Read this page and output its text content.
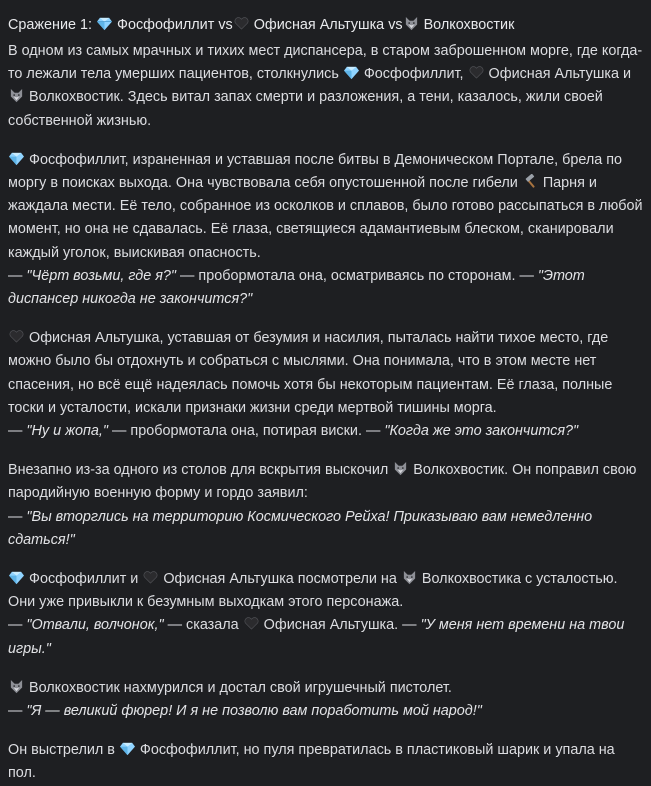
Сражение 1:
Фосфофиллит vs
Офисная Альтушка vs
Волкохвостик
В одном из самых мрачных и тихих мест диспансера, в старом заброшенном морге, где когда-то лежали тела умерших пациентов, столкнулись
Фосфофиллит,
Офисная Альтушка и
Волкохвостик. Здесь витал запах смерти и разложения, а тени, казалось, жили своей собственной жизнью.
Фосфофиллит, израненная и уставшая после битвы в Демоническом Портале, брела по моргу в поисках выхода. Она чувствовала себя опустошенной после гибели
Парня и жаждала мести. Её тело, собранное из осколков и сплавов, было готово рассыпаться в любой момент, но она не сдавалась. Её глаза, светящиеся адамантиевым блеском, сканировали каждый уголок, выискивая опасность.
— "Чёрт возьми, где я?" — пробормотала она, осматриваясь по сторонам. — "Этот диспансер никогда не закончится?"
Офисная Альтушка, уставшая от безумия и насилия, пыталась найти тихое место, где можно было бы отдохнуть и собраться с мыслями. Она понимала, что в этом месте нет спасения, но всё ещё надеялась помочь хотя бы некоторым пациентам. Её глаза, полные тоски и усталости, искали признаки жизни среди мертвой тишины морга.
— "Ну и жопа," — пробормотала она, потирая виски. — "Когда же это закончится?"
Внезапно из-за одного из столов для вскрытия выскочил
Волкохвостик. Он поправил свою пародийную военную форму и гордо заявил:
— "Вы вторглись на территорию Космического Рейха! Приказываю вам немедленно сдаться!"
Фосфофиллит и
Офисная Альтушка посмотрели на
Волкохвостика с усталостью. Они уже привыкли к безумным выходкам этого персонажа.
— "Отвали, волчонок," — сказала
Офисная Альтушка. — "У меня нет времени на твои игры."
Волкохвостик нахмурился и достал свой игрушечный пистолет.
— "Я — великий фюрер! И я не позволю вам поработить мой народ!"
Он выстрелил в
Фосфофиллит, но пуля превратилась в пластиковый шарик и упала на пол.
